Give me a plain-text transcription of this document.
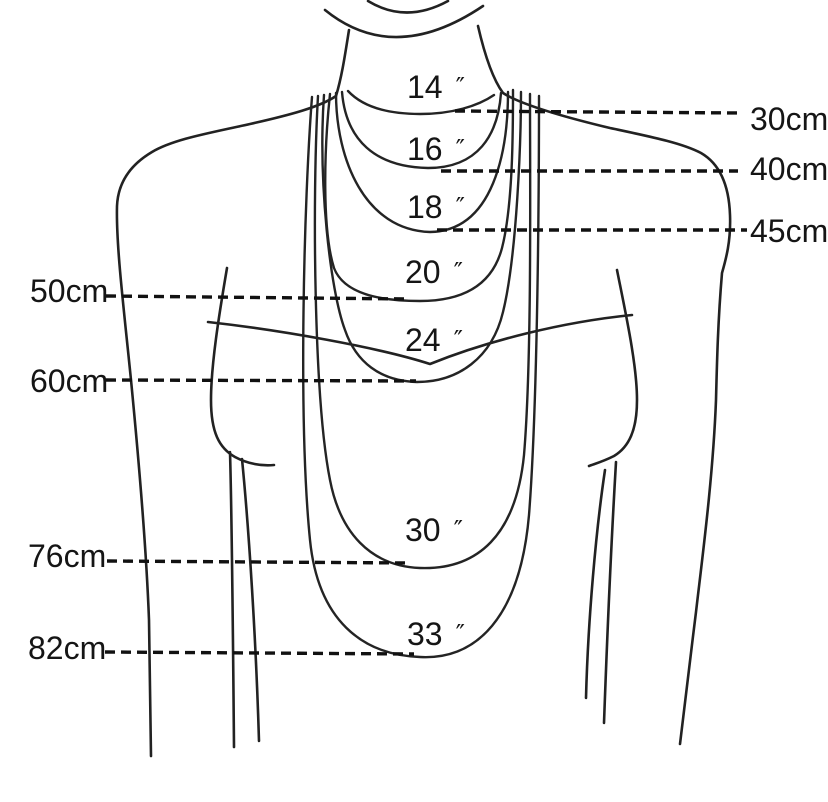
14 ″
16 ″
18 ″
20 ″
24 ″
30 ″
33 ″
30cm
40cm
45cm
50cm
60cm
76cm
82cm
